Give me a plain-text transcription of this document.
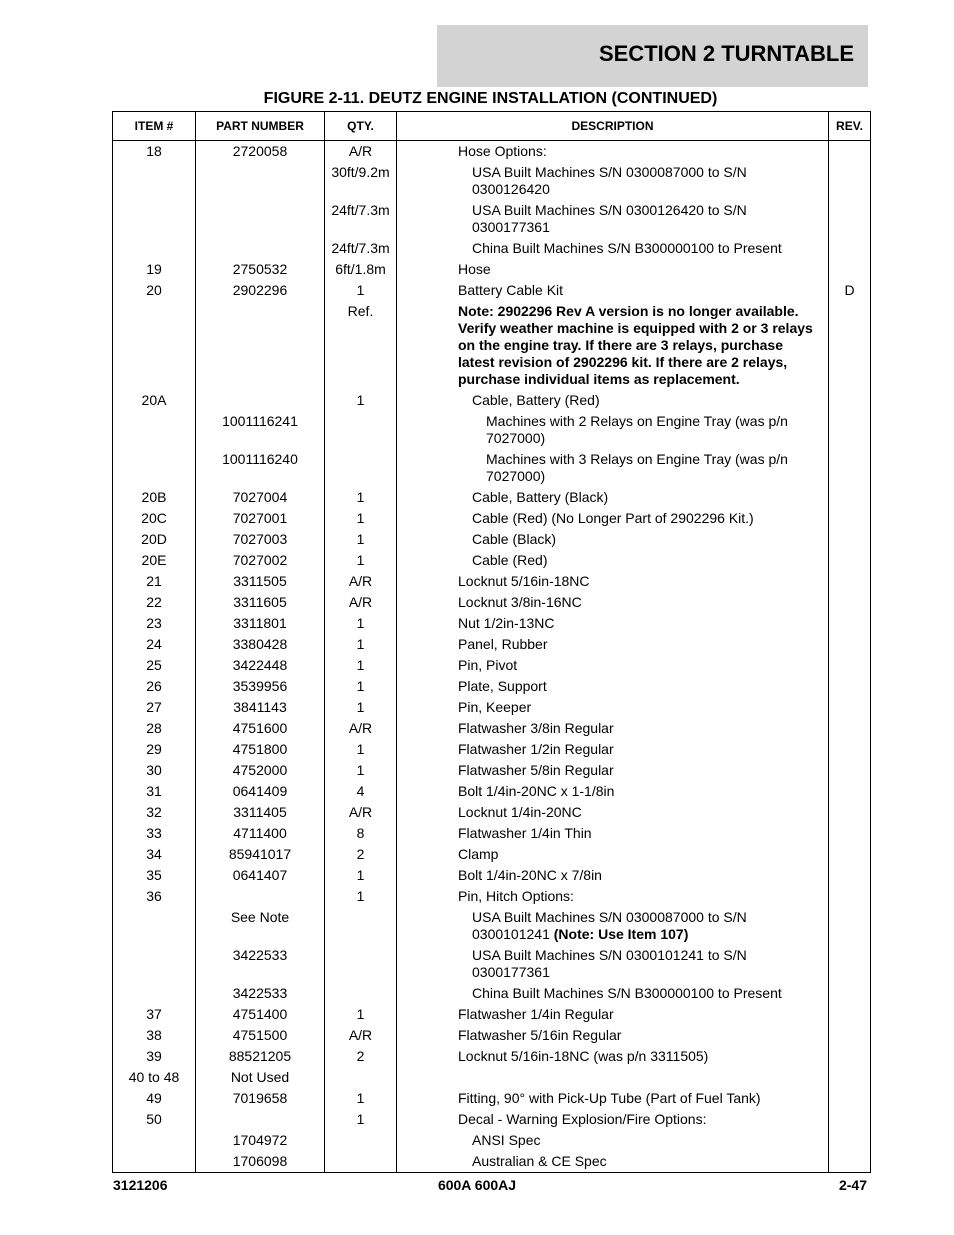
SECTION 2 TURNTABLE
FIGURE 2-11. DEUTZ ENGINE INSTALLATION (CONTINUED)
ITEM #	PART NUMBER	QTY.	DESCRIPTION	REV.
18	2720058	A/R	Hose Options:	
		30ft/9.2m	USA Built Machines S/N 0300087000 to S/N 0300126420	
		24ft/7.3m	USA Built Machines S/N 0300126420 to S/N 0300177361	
		24ft/7.3m	China Built Machines S/N B300000100 to Present	
19	2750532	6ft/1.8m	Hose	
20	2902296	1	Battery Cable Kit	D
		Ref.	Note: 2902296 Rev A version is no longer available. Verify weather machine is equipped with 2 or 3 relays on the engine tray. If there are 3 relays, purchase latest revision of 2902296 kit. If there are 2 relays, purchase individual items as replacement.	
20A		1	Cable, Battery (Red)	
	1001116241		Machines with 2 Relays on Engine Tray (was p/n 7027000)	
	1001116240		Machines with 3 Relays on Engine Tray (was p/n 7027000)	
20B	7027004	1	Cable, Battery (Black)	
20C	7027001	1	Cable (Red) (No Longer Part of 2902296 Kit.)	
20D	7027003	1	Cable (Black)	
20E	7027002	1	Cable (Red)	
21	3311505	A/R	Locknut 5/16in-18NC	
22	3311605	A/R	Locknut 3/8in-16NC	
23	3311801	1	Nut 1/2in-13NC	
24	3380428	1	Panel, Rubber	
25	3422448	1	Pin, Pivot	
26	3539956	1	Plate, Support	
27	3841143	1	Pin, Keeper	
28	4751600	A/R	Flatwasher 3/8in Regular	
29	4751800	1	Flatwasher 1/2in Regular	
30	4752000	1	Flatwasher 5/8in Regular	
31	0641409	4	Bolt 1/4in-20NC x 1-1/8in	
32	3311405	A/R	Locknut 1/4in-20NC	
33	4711400	8	Flatwasher 1/4in Thin	
34	85941017	2	Clamp	
35	0641407	1	Bolt 1/4in-20NC x 7/8in	
36		1	Pin, Hitch Options:	
	See Note		USA Built Machines S/N 0300087000 to S/N 0300101241 (Note: Use Item 107)	
	3422533		USA Built Machines S/N 0300101241 to S/N 0300177361	
	3422533		China Built Machines S/N B300000100 to Present	
37	4751400	1	Flatwasher 1/4in Regular	
38	4751500	A/R	Flatwasher 5/16in Regular	
39	88521205	2	Locknut 5/16in-18NC (was p/n 3311505)	
40 to 48	Not Used			
49	7019658	1	Fitting, 90° with Pick-Up Tube (Part of Fuel Tank)	
50		1	Decal - Warning Explosion/Fire Options:	
	1704972		ANSI Spec	
	1706098		Australian & CE Spec	
3121206	600A 600AJ	2-47
